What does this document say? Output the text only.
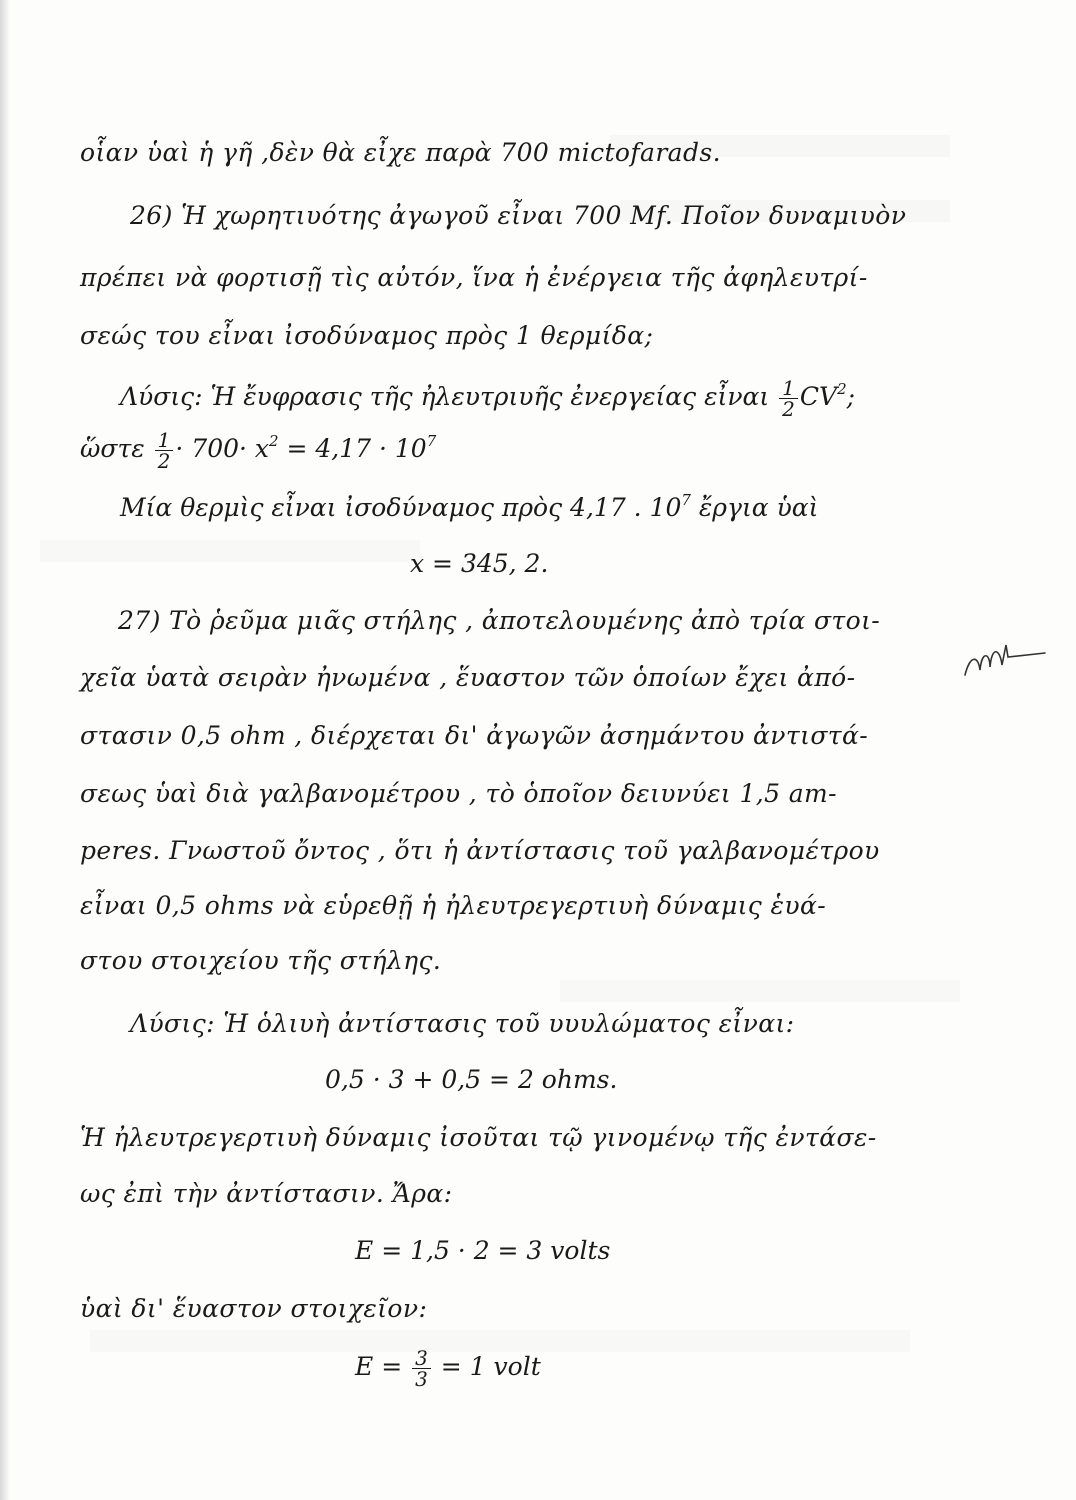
οἷαν ὑαὶ ἡ γῆ ,δὲν θὰ εἶχε παρὰ 700 mictofarads.
26) Ἡ χωρητιυότης ἀγωγοῦ εἶναι 700 Μf. Ποῖον δυναμιυὸν
πρέπει νὰ φορτισῇ τὶς αὐτόν, ἵνα ἡ ἐνέργεια τῆς ἀφηλευτρί-
σεώς του εἶναι ἰσοδύναμος πρὸς 1 θερμίδα;
Λύσις: Ἡ ἔυφρασις τῆς ἠλευτριυῆς ἐνεργείας εἶναι $\frac{1}{2} CV^2$;
ὥστε $\frac{1}{2} \cdot 700\cdot x^2 = 4,17 \cdot 10^7$
Μία θερμὶς εἶναι ἰσοδύναμος πρὸς 4,17 . $10^7$ ἔργια ὑαὶ
x = 345, 2.
27) Τὸ ῥεῦμα μιᾶς στήλης , ἀποτελουμένης ἀπὸ τρία στοι-
χεῖα ὑατὰ σειρὰν ἠνωμένα , ἕυαστον τῶν ὁποίων ἔχει ἀπό-
στασιν 0,5 ohm , διέρχεται δι' ἀγωγῶν ἀσημάντου ἀντιστά-
σεως ὑαὶ διὰ γαλβανομέτρου , τὸ ὁποῖον δειυνύει 1,5 am-
peres. Γνωστοῦ ὄντος , ὅτι ἡ ἀντίστασις τοῦ γαλβανομέτρου
εἶναι 0,5 ohms νὰ εὑρεθῇ ἡ ἠλευτρεγερτιυὴ δύναμις ἑυά-
στου στοιχείου τῆς στήλης.
Λύσις: Ἡ ὁλιυὴ ἀντίστασις τοῦ υυυλώματος εἶναι:
0,5 · 3 + 0,5 = 2 ohms.
Ἡ ἠλευτρεγερτιυὴ δύναμις ἰσοῦται τῷ γινομένῳ τῆς ἐντάσε-
ως ἐπὶ τὴν ἀντίστασιν. Ἄρα:
E = 1,5 · 2 = 3 volts
ὑαὶ δι' ἕυαστον στοιχεῖον:
$E = \frac{3}{3} = 1$ volt
